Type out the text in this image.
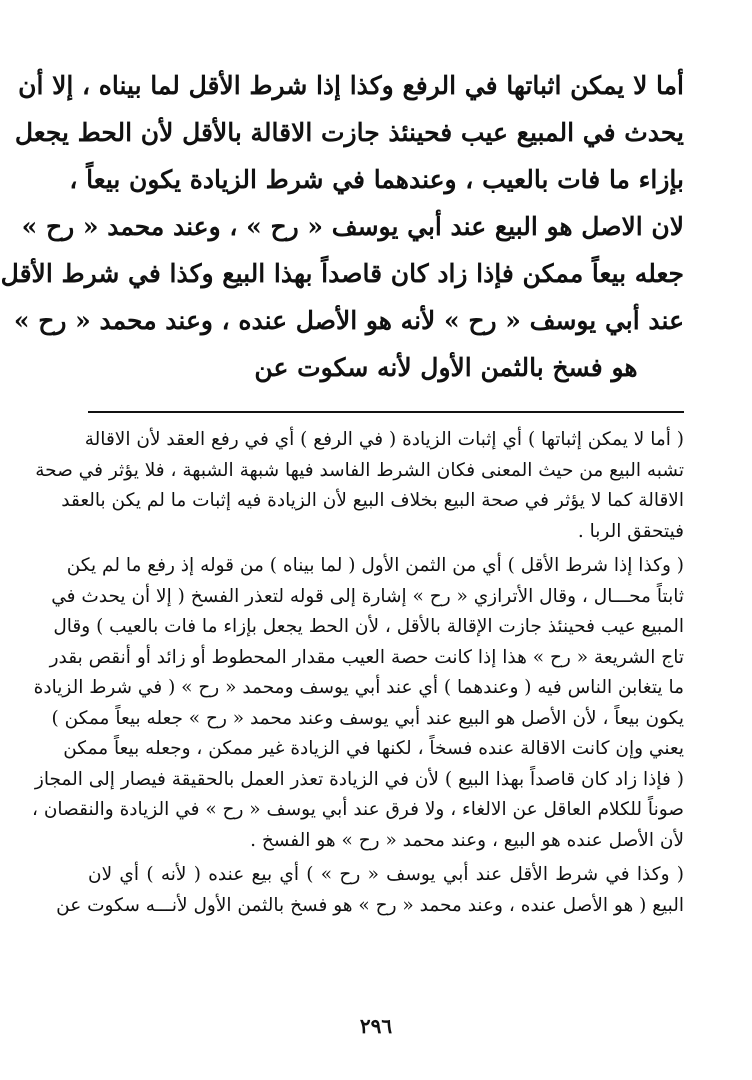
أما لا يمكن اثباتها في الرفع وكذا إذا شرط الأقل لما بيناه ، إلا أن
يحدث في المبيع عيب فحينئذ جازت الاقالة بالأقل لأن الحط يجعل
بإزاء ما فات بالعيب ، وعندهما في شرط الزيادة يكون بيعاً ،
لان الاصل هو البيع عند أبي يوسف « رح » ، وعند محمد « رح »
جعله بيعاً ممكن فإذا زاد كان قاصداً بهذا البيع وكذا في شرط الأقل
عند أبي يوسف « رح » لأنه هو الأصل عنده ، وعند محمد « رح »
هو فسخ بالثمن الأول لأنه سكوت عن
( أما لا يمكن إثباتها ) أي إثبات الزيادة ( في الرفع ) أي في رفع العقد لأن الاقالة
تشبه البيع من حيث المعنى فكان الشرط الفاسد فيها شبهة الشبهة ، فلا يؤثر في صحة
الاقالة كما لا يؤثر في صحة البيع بخلاف البيع لأن الزيادة فيه إثبات ما لم يكن بالعقد
فيتحقق الربا .
( وكذا إذا شرط الأقل ) أي من الثمن الأول ( لما بيناه ) من قوله إذ رفع ما لم يكن
ثابتاً محـــال ، وقال الأترازي « رح » إشارة إلى قوله لتعذر الفسخ ( إلا أن يحدث في
المبيع عيب فحينئذ جازت الإقالة بالأقل ، لأن الحط يجعل بإزاء ما فات بالعيب ) وقال
تاج الشريعة « رح » هذا إذا كانت حصة العيب مقدار المحطوط أو زائد أو أنقص بقدر
ما يتغابن الناس فيه ( وعندهما ) أي عند أبي يوسف ومحمد « رح » ( في شرط الزيادة
يكون بيعاً ، لأن الأصل هو البيع عند أبي يوسف وعند محمد « رح » جعله بيعاً ممكن )
يعني وإن كانت الاقالة عنده فسخاً ، لكنها في الزيادة غير ممكن ، وجعله بيعاً ممكن
( فإذا زاد كان قاصداً بهذا البيع ) لأن في الزيادة تعذر العمل بالحقيقة فيصار إلى المجاز
صوناً للكلام العاقل عن الالغاء ، ولا فرق عند أبي يوسف « رح » في الزيادة والنقصان ،
لأن الأصل عنده هو البيع ، وعند محمد « رح » هو الفسخ .
( وكذا في شرط الأقل عند أبي يوسف « رح » ) أي بيع عنده ( لأنه ) أي لان
البيع ( هو الأصل عنده ، وعند محمد « رح » هو فسخ بالثمن الأول لأنـــه سكوت عن
٢٩٦
